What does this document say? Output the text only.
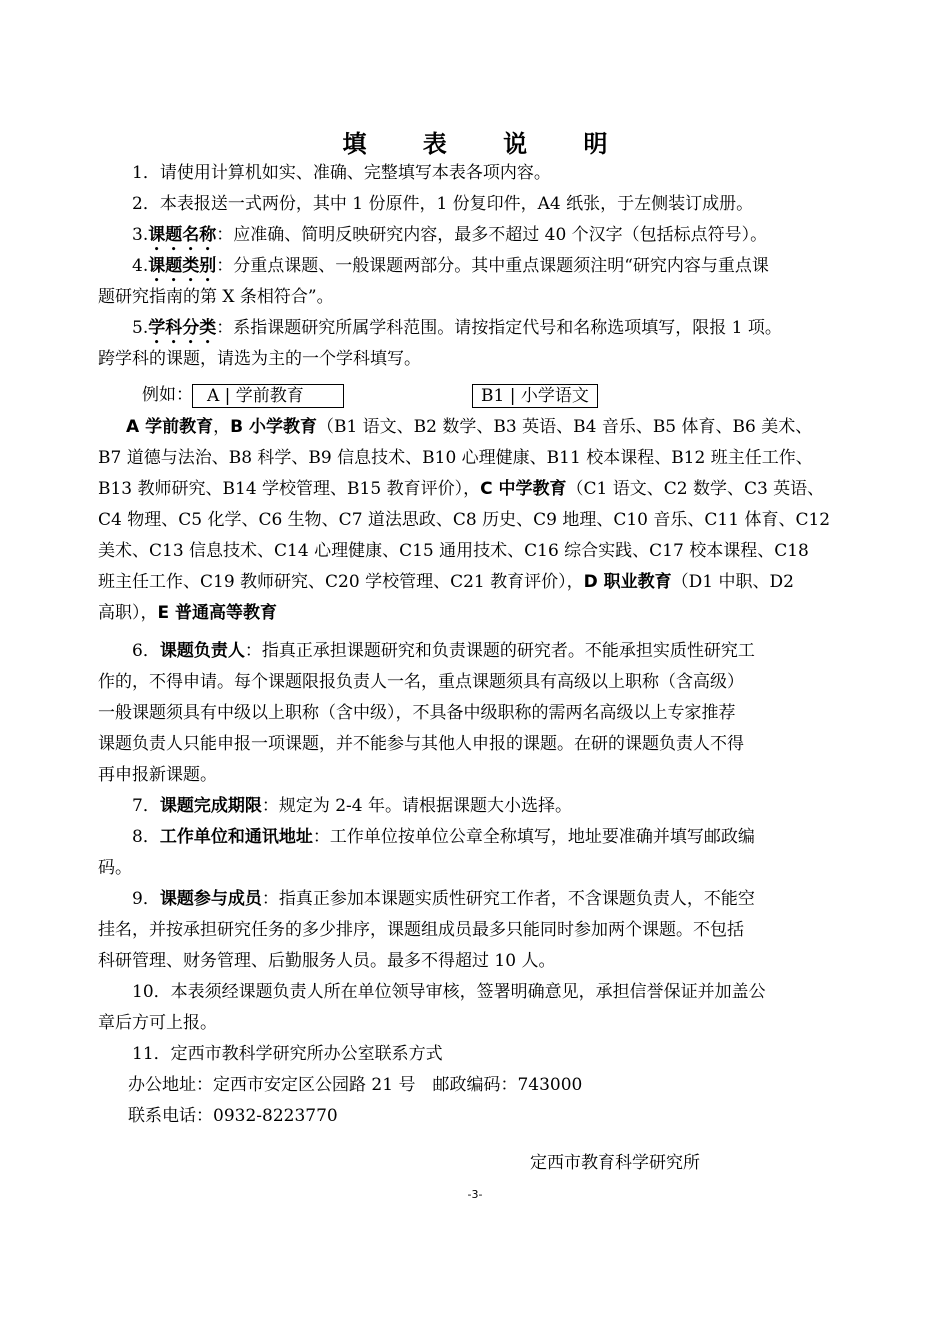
填 表 说 明
1．请使用计算机如实、准确、完整填写本表各项内容。
2．本表报送一式两份，其中 1 份原件，1 份复印件，A4 纸张，于左侧装订成册。
3.课题名称：应准确、简明反映研究内容，最多不超过 40 个汉字（包括标点符号）。
4.课题类别：分重点课题、一般课题两部分。其中重点课题须注明“研究内容与重点课
题研究指南的第 X 条相符合”。
5.学科分类：系指课题研究所属学科范围。请按指定代号和名称选项填写，限报 1 项。
跨学科的课题，请选为主的一个学科填写。
例如： A | 学前教育	B1 | 小学语文
A 学前教育，B 小学教育（B1 语文、B2 数学、B3 英语、B4 音乐、B5 体育、B6 美术、
B7 道德与法治、B8 科学、B9 信息技术、B10 心理健康、B11 校本课程、B12 班主任工作、
B13 教师研究、B14 学校管理、B15 教育评价），C 中学教育（C1 语文、C2 数学、C3 英语、
C4 物理、C5 化学、C6 生物、C7 道法思政、C8 历史、C9 地理、C10 音乐、C11 体育、C12
美术、C13 信息技术、C14 心理健康、C15 通用技术、C16 综合实践、C17 校本课程、C18
班主任工作、C19 教师研究、C20 学校管理、C21 教育评价），D 职业教育（D1 中职、D2
高职），E 普通高等教育
6．课题负责人：指真正承担课题研究和负责课题的研究者。不能承担实质性研究工
作的，不得申请。每个课题限报负责人一名，重点课题须具有高级以上职称（含高级）
一般课题须具有中级以上职称（含中级），不具备中级职称的需两名高级以上专家推荐
课题负责人只能申报一项课题，并不能参与其他人申报的课题。在研的课题负责人不得
再申报新课题。
7．课题完成期限：规定为 2-4 年。请根据课题大小选择。
8．工作单位和通讯地址：工作单位按单位公章全称填写，地址要准确并填写邮政编
码。
9．课题参与成员：指真正参加本课题实质性研究工作者，不含课题负责人，不能空
挂名，并按承担研究任务的多少排序，课题组成员最多只能同时参加两个课题。不包括
科研管理、财务管理、后勤服务人员。最多不得超过 10 人。
10．本表须经课题负责人所在单位领导审核，签署明确意见，承担信誉保证并加盖公
章后方可上报。
11．定西市教科学研究所办公室联系方式
办公地址：定西市安定区公园路 21 号　邮政编码：743000
联系电话：0932-8223770
定西市教育科学研究所
-3-
